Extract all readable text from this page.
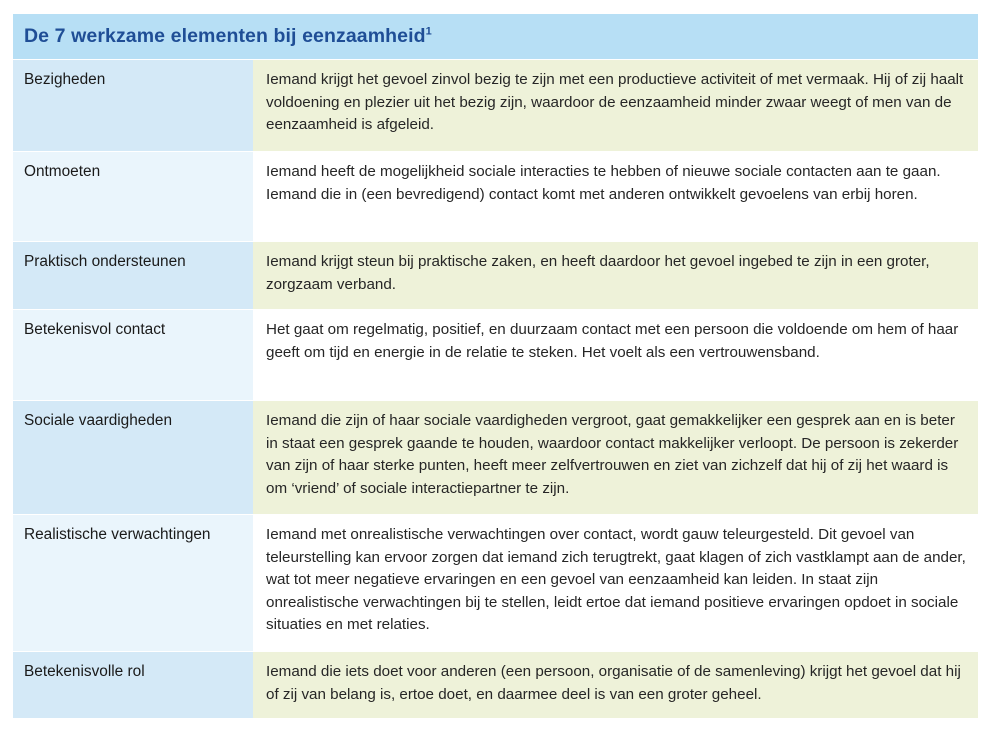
De 7 werkzame elementen bij eenzaamheid$^1$
Bezigheden	Iemand krijgt het gevoel zinvol bezig te zijn met een productieve activiteit of met vermaak. Hij of zij haalt voldoening en plezier uit het bezig zijn, waardoor de eenzaamheid minder zwaar weegt of men van de eenzaamheid is afgeleid.
Ontmoeten	Iemand heeft de mogelijkheid sociale interacties te hebben of nieuwe sociale contacten aan te gaan. Iemand die in (een bevredigend) contact komt met anderen ontwikkelt gevoelens van erbij horen.
Praktisch ondersteunen	Iemand krijgt steun bij praktische zaken, en heeft daardoor het gevoel ingebed te zijn in een groter, zorgzaam verband.
Betekenisvol contact	Het gaat om regelmatig, positief, en duurzaam contact met een persoon die voldoende om hem of haar geeft om tijd en energie in de relatie te steken. Het voelt als een vertrouwensband.
Sociale vaardigheden	Iemand die zijn of haar sociale vaardigheden vergroot, gaat gemakkelijker een gesprek aan en is beter in staat een gesprek gaande te houden, waardoor contact makkelijker verloopt. De persoon is zekerder van zijn of haar sterke punten, heeft meer zelfvertrouwen en ziet van zichzelf dat hij of zij het waard is om ‘vriend’ of sociale interactiepartner te zijn.
Realistische verwachtingen	Iemand met onrealistische verwachtingen over contact, wordt gauw teleurgesteld. Dit gevoel van teleurstelling kan ervoor zorgen dat iemand zich terugtrekt, gaat klagen of zich vastklampt aan de ander, wat tot meer negatieve ervaringen en een gevoel van eenzaamheid kan leiden. In staat zijn onrealistische verwachtingen bij te stellen, leidt ertoe dat iemand positieve ervaringen opdoet in sociale situaties en met relaties.
Betekenisvolle rol	Iemand die iets doet voor anderen (een persoon, organisatie of de samenleving) krijgt het gevoel dat hij of zij van belang is, ertoe doet, en daarmee deel is van een groter geheel.
